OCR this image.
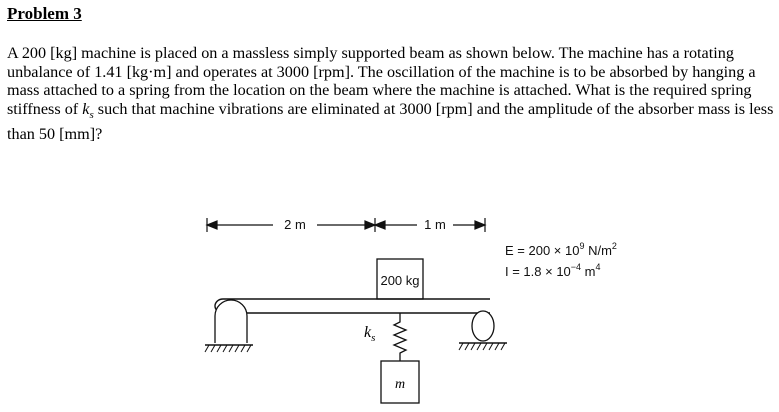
Problem 3

A 200 [kg] machine is placed on a massless simply supported beam as shown below. The machine has a rotating unbalance of 1.41 [kg·m] and operates at 3000 [rpm]. The oscillation of the machine is to be absorbed by hanging a mass attached to a spring from the location on the beam where the machine is attached. What is the required spring stiffness of $k_s$ such that machine vibrations are eliminated at 3000 [rpm] and the amplitude of the absorber mass is less than 50 [mm]?

2 m	1 m
$E = 200 \times 10^9$ $N/m^2$
$I = 1.8 \times 10^{-4}$ $m^4$
200 kg
$k_s$
m
